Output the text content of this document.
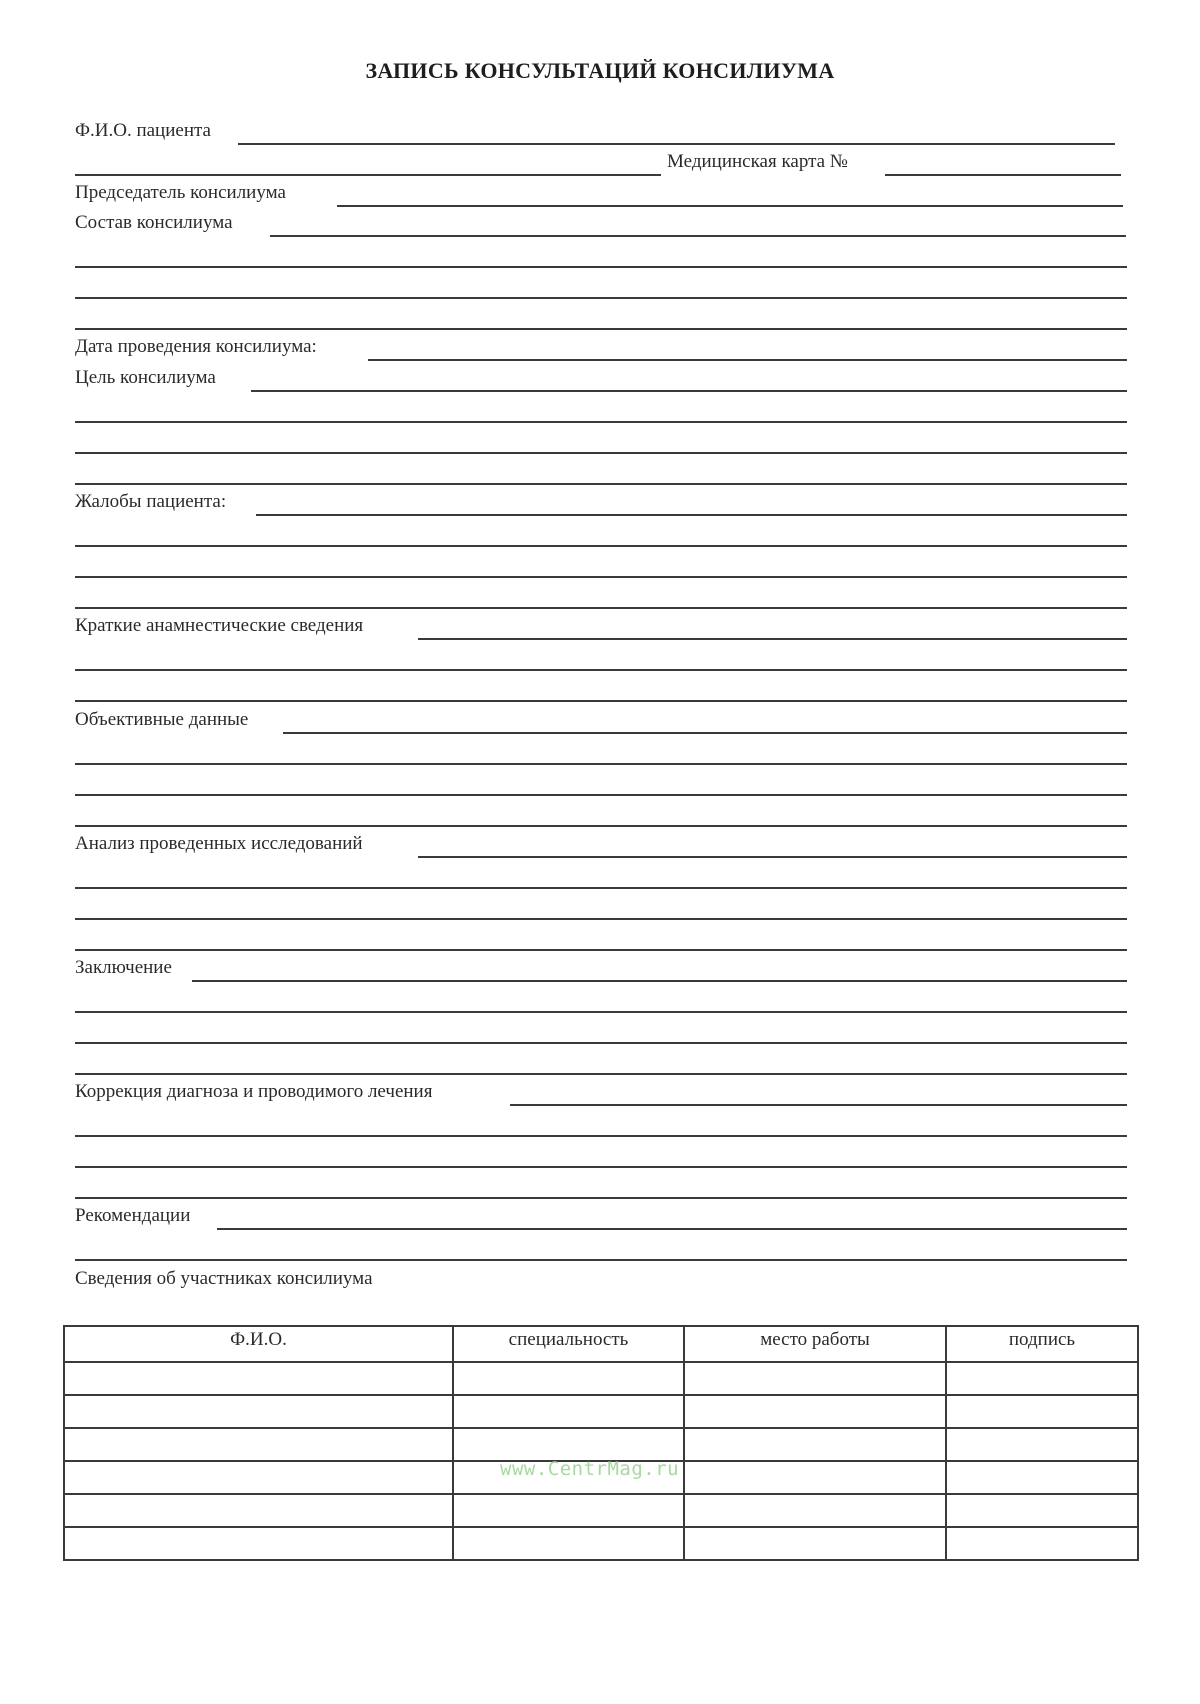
ЗАПИСЬ КОНСУЛЬТАЦИЙ КОНСИЛИУМА
Ф.И.О. пациента
Медицинская карта №
Председатель консилиума
Состав консилиума
Дата проведения консилиума:
Цель консилиума
Жалобы пациента:
Краткие анамнестические сведения
Объективные данные
Анализ проведенных исследований
Заключение
Коррекция диагноза и проводимого лечения
Рекомендации
Сведения об участниках консилиума
Ф.И.О.	специальность	место работы	подпись

www.CentrMag.ru
